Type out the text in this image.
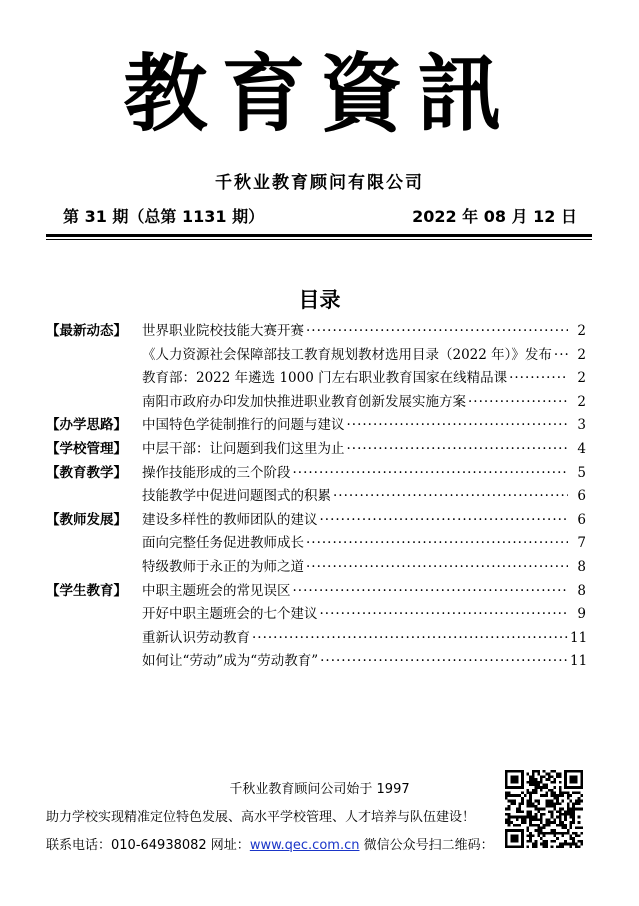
教育資訊
千秋业教育顾问有限公司
第 31 期（总第 1131 期）	2022 年 08 月 12 日
目录
【最新动态】	世界职业院校技能大赛开赛 ·····	2
《人力资源社会保障部技工教育规划教材选用目录（2022 年）》发布 ·····	2
教育部：2022 年遴选 1000 门左右职业教育国家在线精品课 ·····	2
南阳市政府办印发加快推进职业教育创新发展实施方案 ·····	2
【办学思路】	中国特色学徒制推行的问题与建议 ·····	3
【学校管理】	中层干部：让问题到我们这里为止 ·····	4
【教育教学】	操作技能形成的三个阶段 ·····	5
技能教学中促进问题图式的积累 ·····	6
【教师发展】	建设多样性的教师团队的建议 ·····	6
面向完整任务促进教师成长 ·····	7
特级教师于永正的为师之道 ·····	8
【学生教育】	中职主题班会的常见误区 ·····	8
开好中职主题班会的七个建议 ·····	9
重新认识劳动教育 ·····	11
如何让“劳动”成为“劳动教育” ·····	11
千秋业教育顾问公司始于 1997
助力学校实现精准定位特色发展、高水平学校管理、人才培养与队伍建设！
联系电话：010-64938082 网址：www.qec.com.cn 微信公众号扫二维码：
